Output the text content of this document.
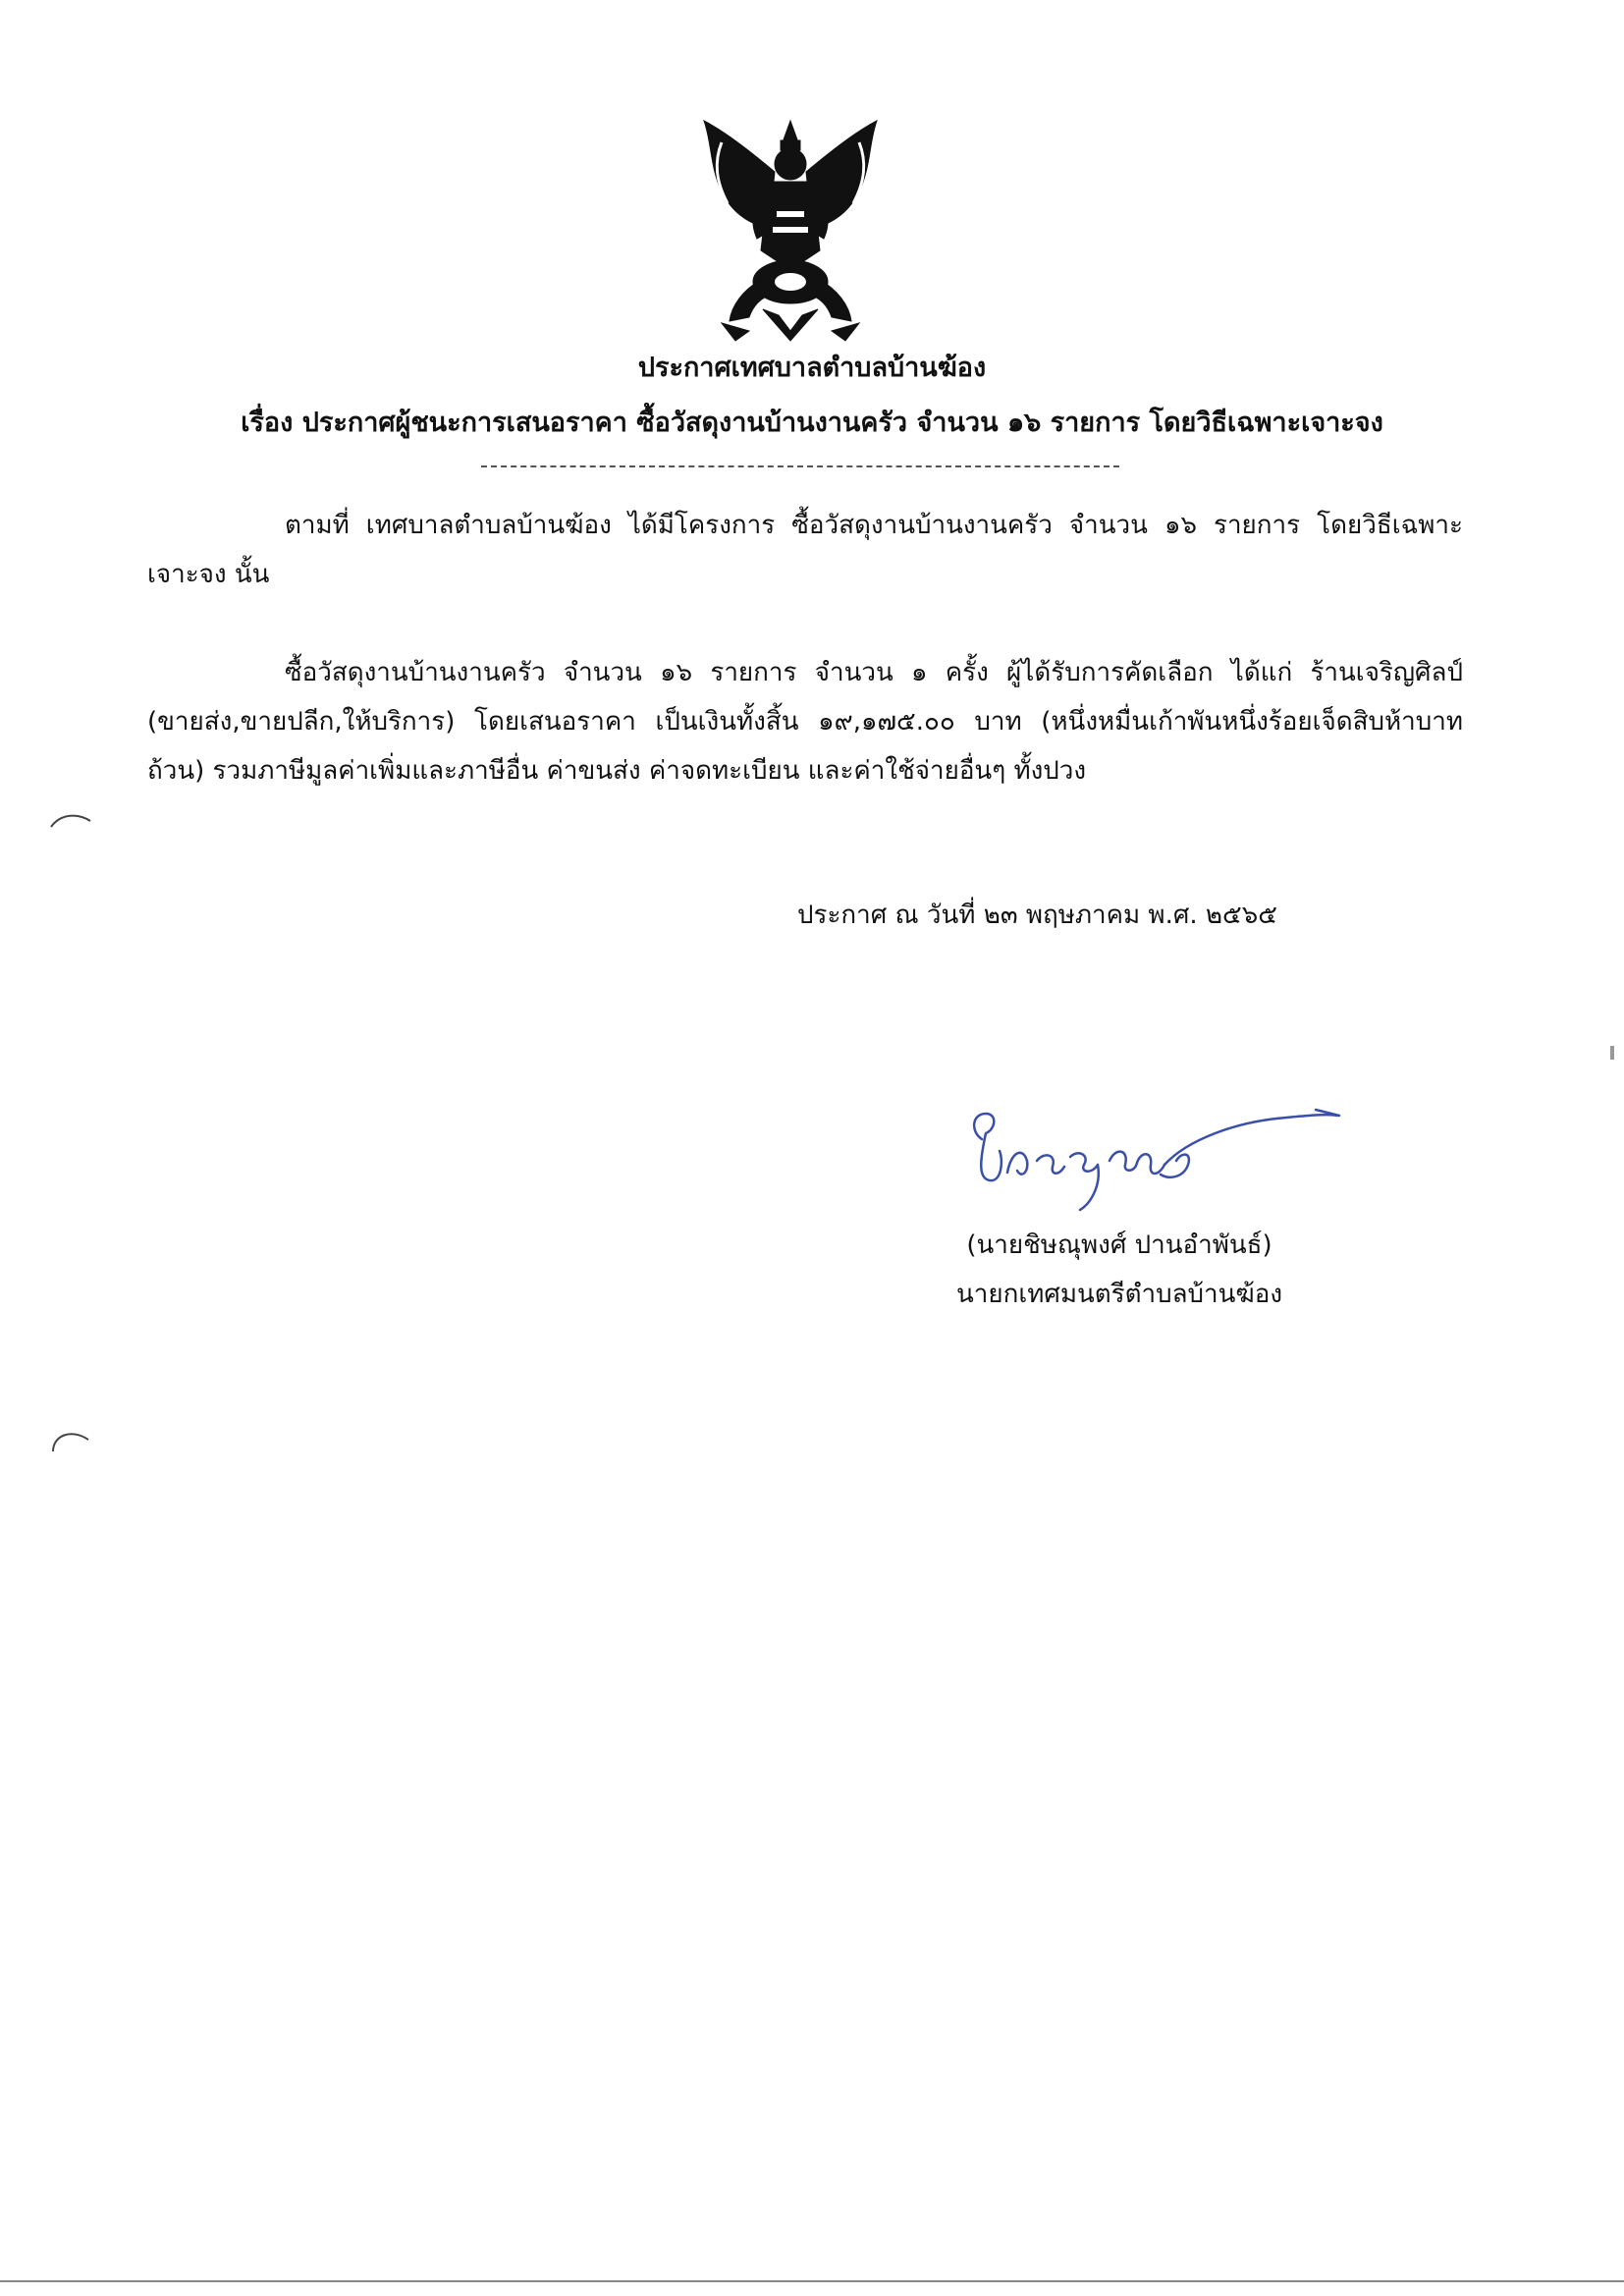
ประกาศเทศบาลตำบลบ้านฆ้อง
เรื่อง ประกาศผู้ชนะการเสนอราคา ซื้อวัสดุงานบ้านงานครัว จำนวน ๑๖ รายการ โดยวิธีเฉพาะเจาะจง

ตามที่ เทศบาลตำบลบ้านฆ้อง ได้มีโครงการ ซื้อวัสดุงานบ้านงานครัว จำนวน ๑๖ รายการ โดยวิธีเฉพาะเจาะจง นั้น

ซื้อวัสดุงานบ้านงานครัว จำนวน ๑๖ รายการ จำนวน ๑ ครั้ง ผู้ได้รับการคัดเลือก ได้แก่ ร้านเจริญศิลป์ (ขายส่ง,ขายปลีก,ให้บริการ) โดยเสนอราคา เป็นเงินทั้งสิ้น ๑๙,๑๗๕.๐๐ บาท (หนึ่งหมื่นเก้าพันหนึ่งร้อยเจ็ดสิบห้าบาทถ้วน) รวมภาษีมูลค่าเพิ่มและภาษีอื่น ค่าขนส่ง ค่าจดทะเบียน และค่าใช้จ่ายอื่นๆ ทั้งปวง

ประกาศ ณ วันที่ ๒๓ พฤษภาคม พ.ศ. ๒๕๖๕
(นายชิษณุพงศ์ ปานอำพันธ์)
นายกเทศมนตรีตำบลบ้านฆ้อง
